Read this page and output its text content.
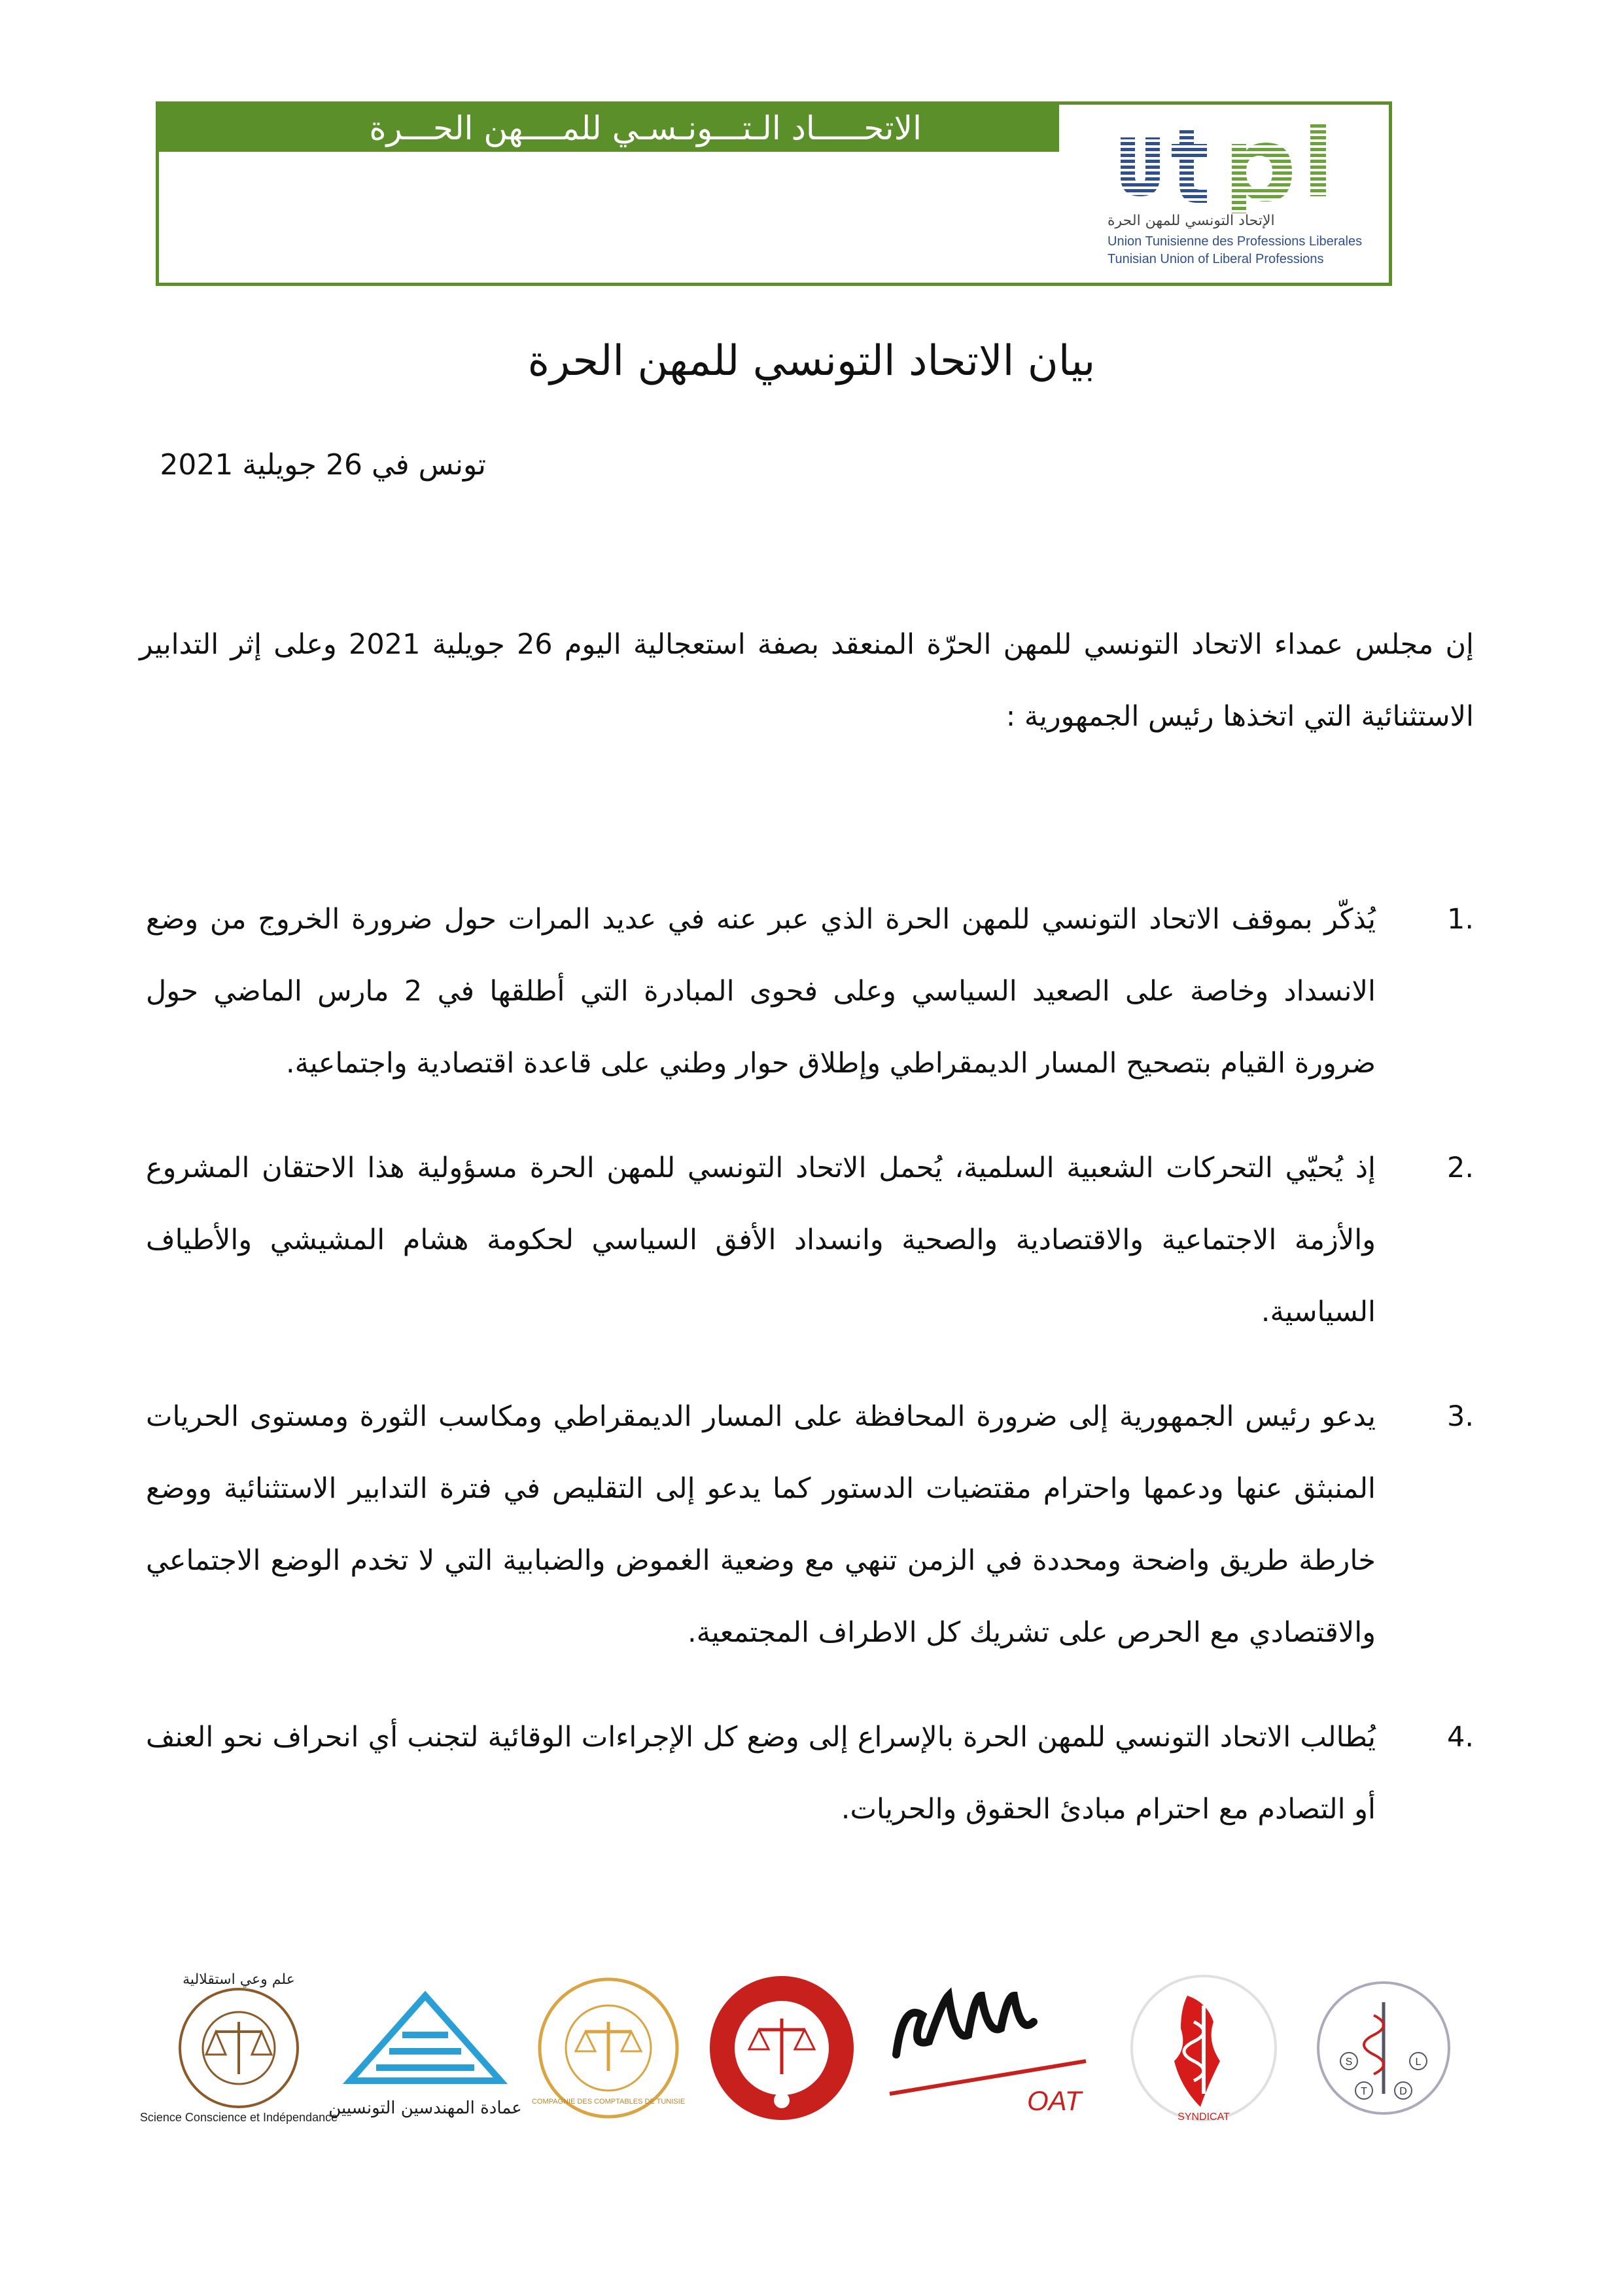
الاتحـــــاد الـتـــونـسـي للمــــهن الحـــرة
الإتحاد التونسي للمهن الحرة
Union Tunisienne des Professions Liberales
Tunisian Union of Liberal Professions
بيان الاتحاد التونسي للمهن الحرة
تونس في 26 جويلية 2021
إن مجلس عمداء الاتحاد التونسي للمهن الحرّة المنعقد بصفة استعجالية اليوم 26 جويلية 2021 وعلى إثر التدابير الاستثنائية التي اتخذها رئيس الجمهورية :
1.
يُذكّر بموقف الاتحاد التونسي للمهن الحرة الذي عبر عنه في عديد المرات حول ضرورة الخروج من وضع الانسداد وخاصة على الصعيد السياسي وعلى فحوى المبادرة التي أطلقها في 2 مارس الماضي حول ضرورة القيام بتصحيح المسار الديمقراطي وإطلاق حوار وطني على قاعدة اقتصادية واجتماعية.
2.
إذ يُحيّي التحركات الشعبية السلمية، يُحمل الاتحاد التونسي للمهن الحرة مسؤولية هذا الاحتقان المشروع والأزمة الاجتماعية والاقتصادية والصحية وانسداد الأفق السياسي لحكومة هشام المشيشي والأطياف السياسية.
3.
يدعو رئيس الجمهورية إلى ضرورة المحافظة على المسار الديمقراطي ومكاسب الثورة ومستوى الحريات المنبثق عنها ودعمها واحترام مقتضيات الدستور كما يدعو إلى التقليص في فترة التدابير الاستثنائية ووضع خارطة طريق واضحة ومحددة في الزمن تنهي مع وضعية الغموض والضبابية التي لا تخدم الوضع الاجتماعي والاقتصادي مع الحرص على تشريك كل الاطراف المجتمعية.
4.
يُطالب الاتحاد التونسي للمهن الحرة بالإسراع إلى وضع كل الإجراءات الوقائية لتجنب أي انحراف نحو العنف أو التصادم مع احترام مبادئ الحقوق والحريات.
Science Conscience et Indépendance
علم وعي استقلالية
عمادة المهندسين التونسيين COMPAGNIE DES COMPTABLES DE TUNISIE	OAT
SYNDICAT
S
T	D
L
